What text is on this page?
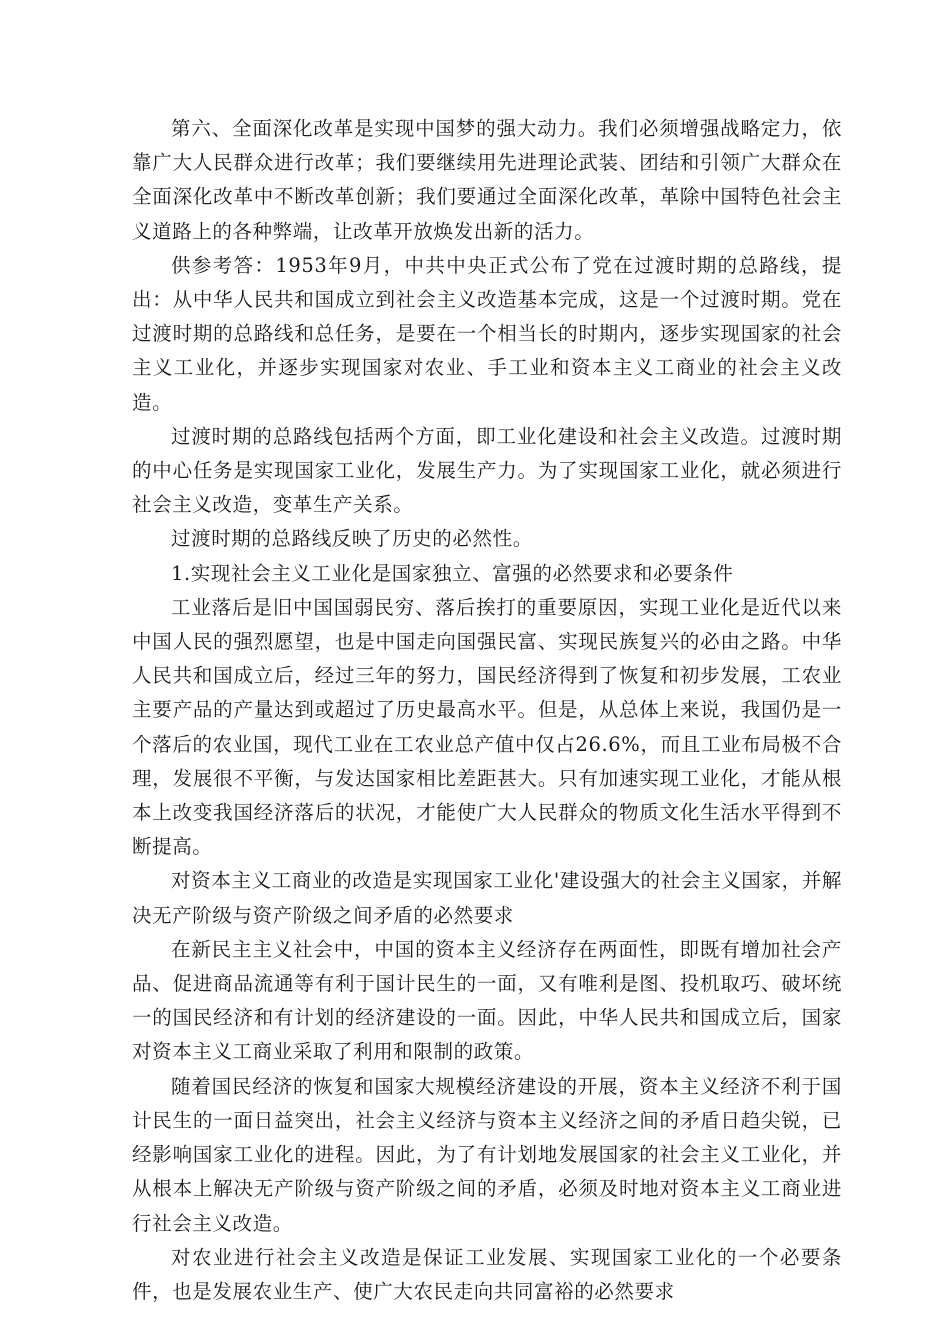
第六、全面深化改革是实现中国梦的强大动力。我们必须增强战略定力，依靠广大人民群众进行改革；我们要继续用先进理论武装、团结和引领广大群众在全面深化改革中不断改革创新；我们要通过全面深化改革，革除中国特色社会主义道路上的各种弊端，让改革开放焕发出新的活力。

供参考答：1953年9月，中共中央正式公布了党在过渡时期的总路线，提出：从中华人民共和国成立到社会主义改造基本完成，这是一个过渡时期。党在过渡时期的总路线和总任务，是要在一个相当长的时期内，逐步实现国家的社会主义工业化，并逐步实现国家对农业、手工业和资本主义工商业的社会主义改造。

过渡时期的总路线包括两个方面，即工业化建设和社会主义改造。过渡时期的中心任务是实现国家工业化，发展生产力。为了实现国家工业化，就必须进行社会主义改造，变革生产关系。

过渡时期的总路线反映了历史的必然性。

1.实现社会主义工业化是国家独立、富强的必然要求和必要条件

工业落后是旧中国国弱民穷、落后挨打的重要原因，实现工业化是近代以来中国人民的强烈愿望，也是中国走向国强民富、实现民族复兴的必由之路。中华人民共和国成立后，经过三年的努力，国民经济得到了恢复和初步发展，工农业主要产品的产量达到或超过了历史最高水平。但是，从总体上来说，我国仍是一个落后的农业国，现代工业在工农业总产值中仅占26.6%，而且工业布局极不合理，发展很不平衡，与发达国家相比差距甚大。只有加速实现工业化，才能从根本上改变我国经济落后的状况，才能使广大人民群众的物质文化生活水平得到不断提高。

对资本主义工商业的改造是实现国家工业化'建设强大的社会主义国家，并解决无产阶级与资产阶级之间矛盾的必然要求

在新民主主义社会中，中国的资本主义经济存在两面性，即既有增加社会产品、促进商品流通等有利于国计民生的一面，又有唯利是图、投机取巧、破坏统一的国民经济和有计划的经济建设的一面。因此，中华人民共和国成立后，国家对资本主义工商业采取了利用和限制的政策。

随着国民经济的恢复和国家大规模经济建设的开展，资本主义经济不利于国计民生的一面日益突出，社会主义经济与资本主义经济之间的矛盾日趋尖锐，已经影响国家工业化的进程。因此，为了有计划地发展国家的社会主义工业化，并从根本上解决无产阶级与资产阶级之间的矛盾，必须及时地对资本主义工商业进行社会主义改造。

对农业进行社会主义改造是保证工业发展、实现国家工业化的一个必要条件，也是发展农业生产、使广大农民走向共同富裕的必然要求
